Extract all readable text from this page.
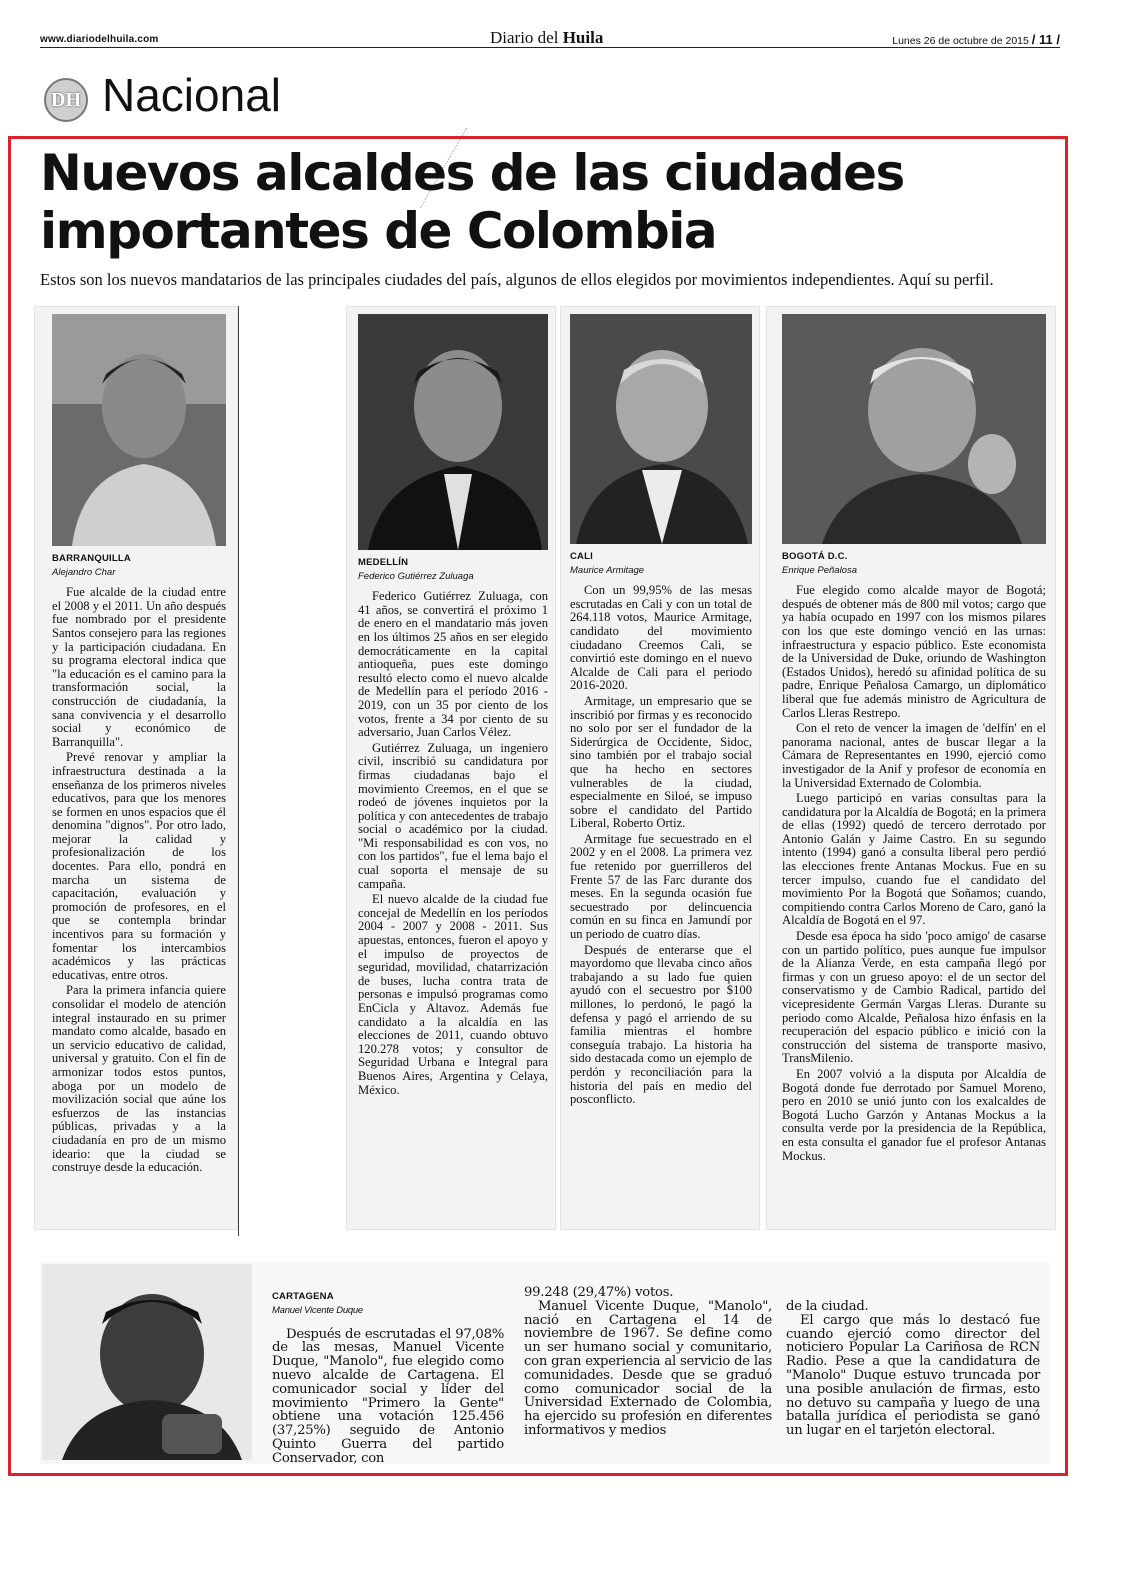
www.diariodelhuila.com	Diario del Huila	Lunes 26 de octubre de 2015 / 11 /
DH Nacional
Nuevos alcaldes de las ciudades
importantes de Colombia
Estos son los nuevos mandatarios de las principales ciudades del país, algunos de ellos elegidos por movimientos independientes. Aquí su perfil.
BARRANQUILLA
Alejandro Char

Fue alcalde de la ciudad entre el 2008 y el 2011. Un año después fue nombrado por el presidente Santos consejero para las regiones y la participación ciudadana. En su programa electoral indica que "la educación es el camino para la transformación social, la construcción de ciudadanía, la sana convivencia y el desarrollo social y económico de Barranquilla".

Prevé renovar y ampliar la infraestructura destinada a la enseñanza de los primeros niveles educativos, para que los menores se formen en unos espacios que él denomina "dignos". Por otro lado, mejorar la calidad y profesionalización de los docentes. Para ello, pondrá en marcha un sistema de capacitación, evaluación y promoción de profesores, en el que se contempla brindar incentivos para su formación y fomentar los intercambios académicos y las prácticas educativas, entre otros.

Para la primera infancia quiere consolidar el modelo de atención integral instaurado en su primer mandato como alcalde, basado en un servicio educativo de calidad, universal y gratuito. Con el fin de armonizar todos estos puntos, aboga por un modelo de movilización social que aúne los esfuerzos de las instancias públicas, privadas y a la ciudadanía en pro de un mismo ideario: que la ciudad se construye desde la educación.

MEDELLÍN
Federico Gutiérrez Zuluaga

Federico Gutiérrez Zuluaga, con 41 años, se convertirá el próximo 1 de enero en el mandatario más joven en los últimos 25 años en ser elegido democráticamente en la capital antioqueña, pues este domingo resultó electo como el nuevo alcalde de Medellín para el período 2016 - 2019, con un 35 por ciento de los votos, frente a 34 por ciento de su adversario, Juan Carlos Vélez.

Gutiérrez Zuluaga, un ingeniero civil, inscribió su candidatura por firmas ciudadanas bajo el movimiento Creemos, en el que se rodeó de jóvenes inquietos por la política y con antecedentes de trabajo social o académico por la ciudad. "Mi responsabilidad es con vos, no con los partidos", fue el lema bajo el cual soporta el mensaje de su campaña.

El nuevo alcalde de la ciudad fue concejal de Medellín en los períodos 2004 - 2007 y 2008 - 2011. Sus apuestas, entonces, fueron el apoyo y el impulso de proyectos de seguridad, movilidad, chatarrización de buses, lucha contra trata de personas e impulsó programas como EnCicla y Altavoz. Además fue candidato a la alcaldía en las elecciones de 2011, cuando obtuvo 120.278 votos; y consultor de Seguridad Urbana e Integral para Buenos Aires, Argentina y Celaya, México.

CALI
Maurice Armitage

Con un 99,95% de las mesas escrutadas en Cali y con un total de 264.118 votos, Maurice Armitage, candidato del movimiento ciudadano Creemos Cali, se convirtió este domingo en el nuevo Alcalde de Cali para el periodo 2016-2020.

Armitage, un empresario que se inscribió por firmas y es reconocido no solo por ser el fundador de la Siderúrgica de Occidente, Sidoc, sino también por el trabajo social que ha hecho en sectores vulnerables de la ciudad, especialmente en Siloé, se impuso sobre el candidato del Partido Liberal, Roberto Ortiz.

Armitage fue secuestrado en el 2002 y en el 2008. La primera vez fue retenido por guerrilleros del Frente 57 de las Farc durante dos meses. En la segunda ocasión fue secuestrado por delincuencia común en su finca en Jamundí por un periodo de cuatro días.

Después de enterarse que el mayordomo que llevaba cinco años trabajando a su lado fue quien ayudó con el secuestro por $100 millones, lo perdonó, le pagó la defensa y pagó el arriendo de su familia mientras el hombre conseguía trabajo. La historia ha sido destacada como un ejemplo de perdón y reconciliación para la historia del país en medio del posconflicto.

BOGOTÁ D.C.
Enrique Peñalosa

Fue elegido como alcalde mayor de Bogotá; después de obtener más de 800 mil votos; cargo que ya había ocupado en 1997 con los mismos pilares con los que este domingo venció en las urnas: infraestructura y espacio público. Este economista de la Universidad de Duke, oriundo de Washington (Estados Unidos), heredó su afinidad política de su padre, Enrique Peñalosa Camargo, un diplomático liberal que fue además ministro de Agricultura de Carlos Lleras Restrepo.

Con el reto de vencer la imagen de 'delfín' en el panorama nacional, antes de buscar llegar a la Cámara de Representantes en 1990, ejerció como investigador de la Anif y profesor de economía en la Universidad Externado de Colombia.

Luego participó en varias consultas para la candidatura por la Alcaldía de Bogotá; en la primera de ellas (1992) quedó de tercero derrotado por Antonio Galán y Jaime Castro. En su segundo intento (1994) ganó a consulta liberal pero perdió las elecciones frente Antanas Mockus. Fue en su tercer impulso, cuando fue el candidato del movimiento Por la Bogotá que Soñamos; cuando, compitiendo contra Carlos Moreno de Caro, ganó la Alcaldía de Bogotá en el 97.

Desde esa época ha sido 'poco amigo' de casarse con un partido político, pues aunque fue impulsor de la Alianza Verde, en esta campaña llegó por firmas y con un grueso apoyo: el de un sector del conservatismo y de Cambio Radical, partido del vicepresidente Germán Vargas Lleras. Durante su periodo como Alcalde, Peñalosa hizo énfasis en la recuperación del espacio público e inició con la construcción del sistema de transporte masivo, TransMilenio.

En 2007 volvió a la disputa por Alcaldía de Bogotá donde fue derrotado por Samuel Moreno, pero en 2010 se unió junto con los exalcaldes de Bogotá Lucho Garzón y Antanas Mockus a la consulta verde por la presidencia de la República, en esta consulta el ganador fue el profesor Antanas Mockus.

CARTAGENA
Manuel Vicente Duque

Después de escrutadas el 97,08% de las mesas, Manuel Vicente Duque, "Manolo", fue elegido como nuevo alcalde de Cartagena. El comunicador social y líder del movimiento "Primero la Gente" obtiene una votación 125.456 (37,25%) seguido de Antonio Quinto Guerra del partido Conservador, con

99.248 (29,47%) votos.

Manuel Vicente Duque, "Manolo", nació en Cartagena el 14 de noviembre de 1967. Se define como un ser humano social y comunitario, con gran experiencia al servicio de las comunidades. Desde que se graduó como comunicador social de la Universidad Externado de Colombia, ha ejercido su profesión en diferentes informativos y medios

de la ciudad.

El cargo que más lo destacó fue cuando ejerció como director del noticiero Popular La Cariñosa de RCN Radio. Pese a que la candidatura de "Manolo" Duque estuvo truncada por una posible anulación de firmas, esto no detuvo su campaña y luego de una batalla jurídica el periodista se ganó un lugar en el tarjetón electoral.
